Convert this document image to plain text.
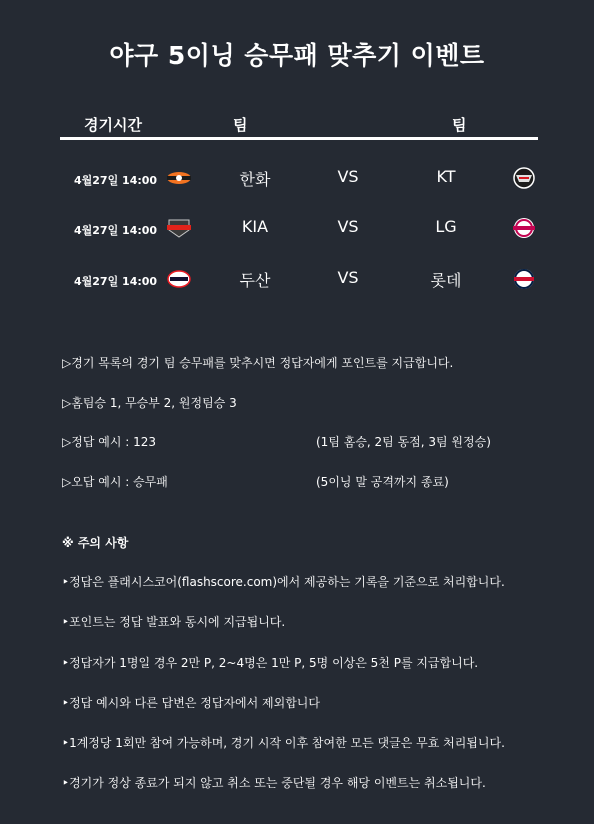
야구 5이닝 승무패 맞추기 이벤트
경기시간	팀	팀
4월27일 14:00	한화	VS	KT
4월27일 14:00	KIA	VS	LG
4월27일 14:00	두산	VS	롯데
▷경기 목록의 경기 팀 승무패를 맞추시면 정답자에게 포인트를 지급합니다.
▷홈팀승 1, 무승부 2, 원정팀승 3
▷정답 예시 : 123	(1팀 홈승, 2팀 동점, 3팀 원정승)
▷오답 예시 : 승무패	(5이닝 말 공격까지 종료)
※ 주의 사항
‣정답은 플래시스코어(flashscore.com)에서 제공하는 기록을 기준으로 처리합니다.
‣포인트는 정답 발표와 동시에 지급됩니다.
‣정답자가 1명일 경우 2만 P, 2~4명은 1만 P, 5명 이상은 5천 P를 지급합니다.
‣정답 예시와 다른 답변은 정답자에서 제외합니다
‣1계정당 1회만 참여 가능하며, 경기 시작 이후 참여한 모든 댓글은 무효 처리됩니다.
‣경기가 정상 종료가 되지 않고 취소 또는 중단될 경우 해당 이벤트는 취소됩니다.
